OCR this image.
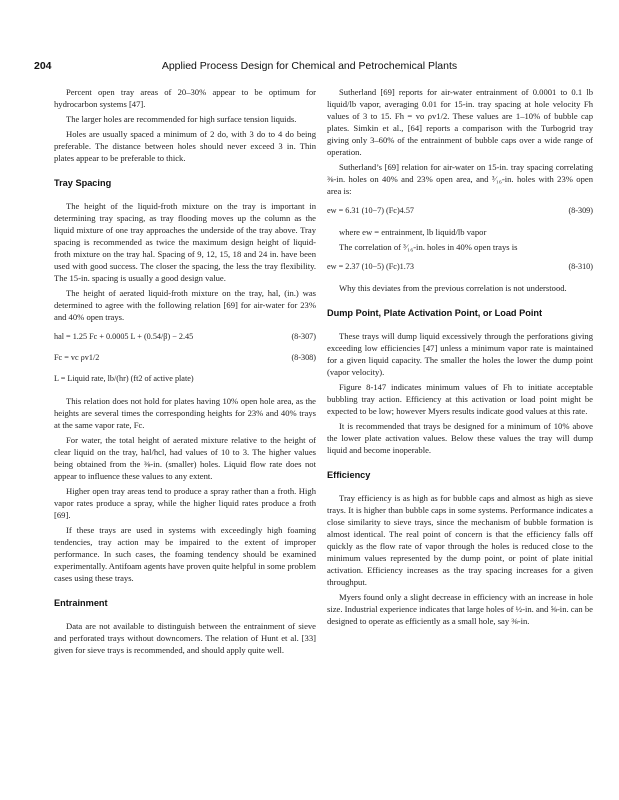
204	Applied Process Design for Chemical and Petrochemical Plants

Percent open tray areas of 20–30% appear to be optimum for hydrocarbon systems [47].

The larger holes are recommended for high surface tension liquids.

Holes are usually spaced a minimum of 2 do, with 3 do to 4 do being preferable. The distance between holes should never exceed 3 in. Thin plates appear to be preferable to thick.

Tray Spacing

The height of the liquid-froth mixture on the tray is important in determining tray spacing, as tray flooding moves up the column as the liquid mixture of one tray approaches the underside of the tray above. Tray spacing is recommended as twice the maximum design height of liquid-froth mixture on the tray hal. Spacing of 9, 12, 15, 18 and 24 in. have been used with good success. The closer the spacing, the less the tray flexibility. The 15-in. spacing is usually a good design value.

The height of aerated liquid-froth mixture on the tray, hal, (in.) was determined to agree with the following relation [69] for air-water for 23% and 40% open trays.

hal = 1.25 Fc + 0.0005 L + (0.54/β) − 2.45	(8-307)
Fc = vc ρv1/2	(8-308)
L = Liquid rate, lb/(hr) (ft2 of active plate)

This relation does not hold for plates having 10% open hole area, as the heights are several times the corresponding heights for 23% and 40% trays at the same vapor rate, Fc.

For water, the total height of aerated mixture relative to the height of clear liquid on the tray, hal/hcl, had values of 10 to 3. The higher values being obtained from the ⅜-in. (smaller) holes. Liquid flow rate does not appear to influence these values to any extent.

Higher open tray areas tend to produce a spray rather than a froth. High vapor rates produce a spray, while the higher liquid rates produce a froth [69].

If these trays are used in systems with exceedingly high foaming tendencies, tray action may be impaired to the extent of improper performance. In such cases, the foaming tendency should be examined experimentally. Antifoam agents have proven quite helpful in some problem cases using these trays.

Entrainment

Data are not available to distinguish between the entrainment of sieve and perforated trays without downcomers. The relation of Hunt et al. [33] given for sieve trays is recommended, and should apply quite well.

Sutherland [69] reports for air-water entrainment of 0.0001 to 0.1 lb liquid/lb vapor, averaging 0.01 for 15-in. tray spacing at hole velocity Fh values of 3 to 15. Fh = vo ρv1/2. These values are 1–10% of bubble cap plates. Simkin et al., [64] reports a comparison with the Turbogrid tray giving only 3–60% of the entrainment of bubble caps over a wide range of operation.

Sutherland’s [69] relation for air-water on 15-in. tray spacing correlating ⅜-in. holes on 40% and 23% open area, and ³⁄₁₆-in. holes with 23% open area is:

ew = 6.31 (10−7) (Fc)4.57	(8-309)

where ew = entrainment, lb liquid/lb vapor

The correlation of ³⁄₁₆-in. holes in 40% open trays is

ew = 2.37 (10−5) (Fc)1.73	(8-310)

Why this deviates from the previous correlation is not understood.

Dump Point, Plate Activation Point, or Load Point

These trays will dump liquid excessively through the perforations giving exceeding low efficiencies [47] unless a minimum vapor rate is maintained for a given liquid capacity. The smaller the holes the lower the dump point (vapor velocity).

Figure 8-147 indicates minimum values of Fh to initiate acceptable bubbling tray action. Efficiency at this activation or load point might be expected to be low; however Myers results indicate good values at this rate.

It is recommended that trays be designed for a minimum of 10% above the lower plate activation values. Below these values the tray will dump liquid and become inoperable.

Efficiency

Tray efficiency is as high as for bubble caps and almost as high as sieve trays. It is higher than bubble caps in some systems. Performance indicates a close similarity to sieve trays, since the mechanism of bubble formation is almost identical. The real point of concern is that the efficiency falls off quickly as the flow rate of vapor through the holes is reduced close to the minimum values represented by the dump point, or point of plate initial activation. Efficiency increases as the tray spacing increases for a given throughput.

Myers found only a slight decrease in efficiency with an increase in hole size. Industrial experience indicates that large holes of ½-in. and ⅝-in. can be designed to operate as efficiently as a small hole, say ⅜-in.
